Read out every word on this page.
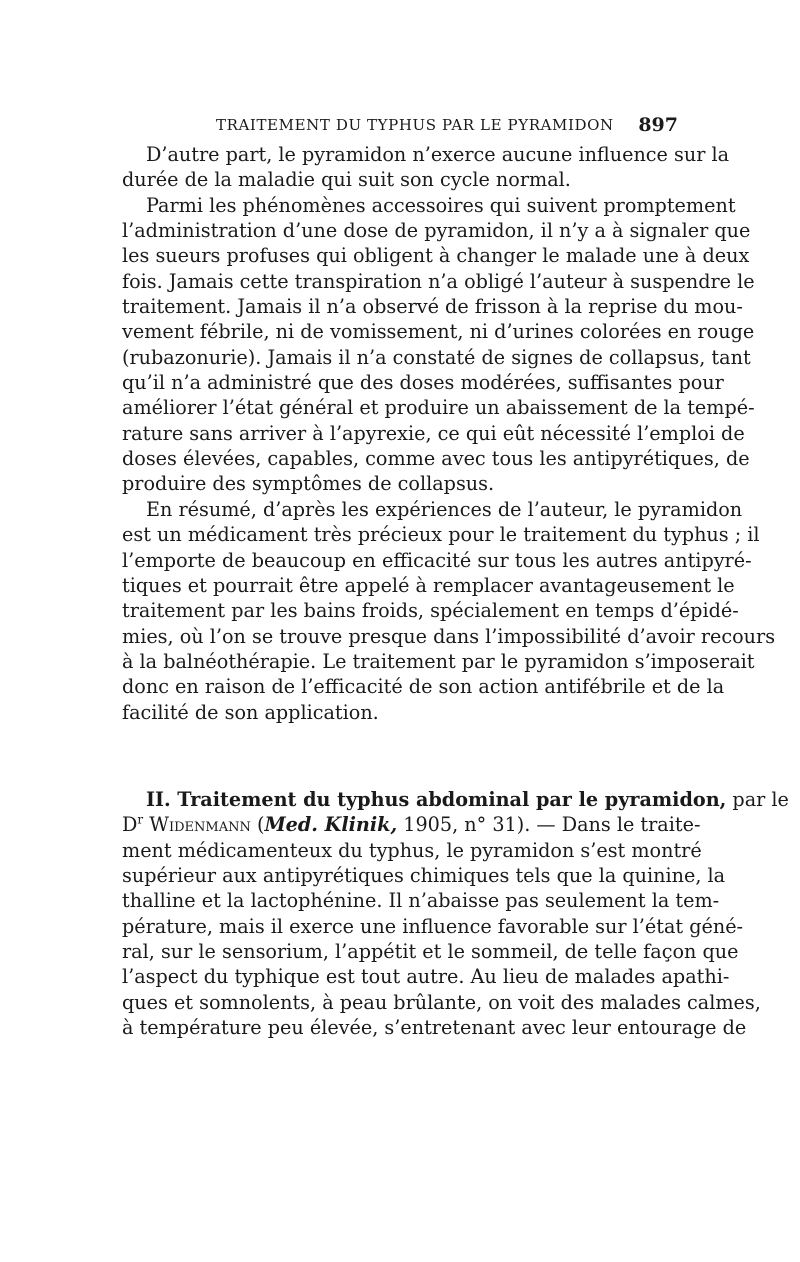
TRAITEMENT DU TYPHUS PAR LE PYRAMIDON 897

D’autre part, le pyramidon n’exerce aucune influence sur la

durée de la maladie qui suit son cycle normal.

Parmi les phénomènes accessoires qui suivent promptement

l’administration d’une dose de pyramidon, il n’y a à signaler que

les sueurs profuses qui obligent à changer le malade une à deux

fois. Jamais cette transpiration n’a obligé l’auteur à suspendre le

traitement. Jamais il n’a observé de frisson à la reprise du mou-

vement fébrile, ni de vomissement, ni d’urines colorées en rouge

(rubazonurie). Jamais il n’a constaté de signes de collapsus, tant

qu’il n’a administré que des doses modérées, suffisantes pour

améliorer l’état général et produire un abaissement de la tempé-

rature sans arriver à l’apyrexie, ce qui eût nécessité l’emploi de

doses élevées, capables, comme avec tous les antipyrétiques, de

produire des symptômes de collapsus.

En résumé, d’après les expériences de l’auteur, le pyramidon

est un médicament très précieux pour le traitement du typhus ; il

l’emporte de beaucoup en efficacité sur tous les autres antipyré-

tiques et pourrait être appelé à remplacer avantageusement le

traitement par les bains froids, spécialement en temps d’épidé-

mies, où l’on se trouve presque dans l’impossibilité d’avoir recours

à la balnéothérapie. Le traitement par le pyramidon s’imposerait

donc en raison de l’efficacité de son action antifébrile et de la

facilité de son application.

II. Traitement du typhus abdominal par le pyramidon, par le

$D^r$ Widenmann (Med. Klinik, 1905, n° 31). — Dans le traite-

ment médicamenteux du typhus, le pyramidon s’est montré

supérieur aux antipyrétiques chimiques tels que la quinine, la

thalline et la lactophénine. Il n’abaisse pas seulement la tem-

pérature, mais il exerce une influence favorable sur l’état géné-

ral, sur le sensorium, l’appétit et le sommeil, de telle façon que

l’aspect du typhique est tout autre. Au lieu de malades apathi-

ques et somnolents, à peau brûlante, on voit des malades calmes,

à température peu élevée, s’entretenant avec leur entourage de
